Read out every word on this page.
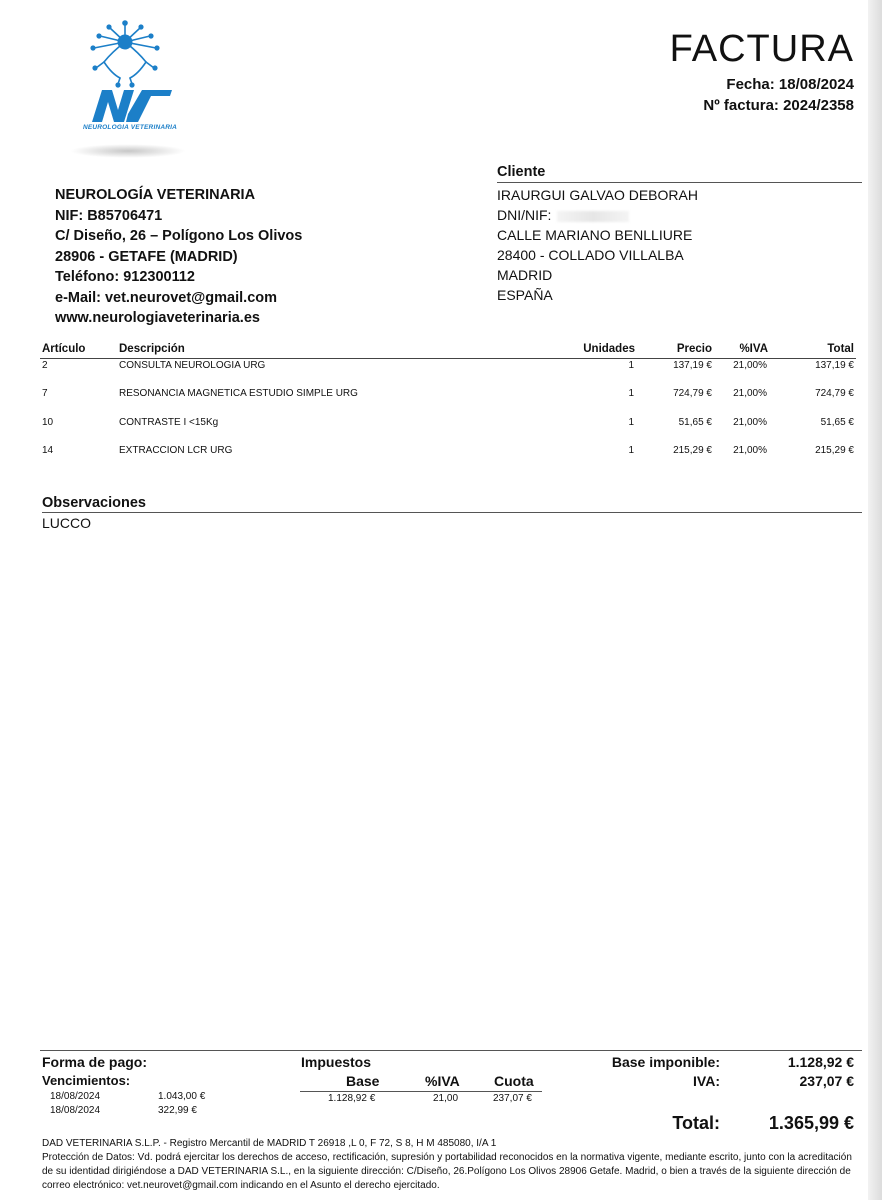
NEUROLOGIA VETERINARIA
FACTURA
Fecha: 18/08/2024
Nº factura: 2024/2358
NEUROLOGÍA VETERINARIA
NIF: B85706471
C/ Diseño, 26 – Polígono Los Olivos
28906 - GETAFE (MADRID)
Teléfono: 912300112
e-Mail: vet.neurovet@gmail.com
www.neurologiaveterinaria.es
Cliente
IRAURGUI GALVAO DEBORAH
DNI/NIF:
CALLE MARIANO BENLLIURE
28400 - COLLADO VILLALBA
MADRID
ESPAÑA
Artículo	Descripción	Unidades	Precio %IVA	Total
2	CONSULTA NEUROLOGIA URG	1	137,19 € 21,00%	137,19 €
7	RESONANCIA MAGNETICA ESTUDIO SIMPLE URG	1	724,79 € 21,00%	724,79 €
10	CONTRASTE I <15Kg	1	51,65 € 21,00%	51,65 €
14	EXTRACCION LCR URG	1	215,29 € 21,00%	215,29 €
Observaciones
LUCCO
Forma de pago:
Vencimientos:
18/08/2024	1.043,00 €
18/08/2024	322,99 €
Impuestos
Base	%IVA Cuota
1.128,92 €	21,00	237,07 €
Base imponible:	1.128,92 €
IVA:	237,07 €
Total:	1.365,99 €

DAD VETERINARIA S.L.P. - Registro Mercantil de MADRID T 26918 ,L 0, F 72, S 8, H M 485080, I/A 1

Protección de Datos: Vd. podrá ejercitar los derechos de acceso, rectificación, supresión y portabilidad reconocidos en la normativa vigente, mediante escrito, junto con la acreditación de su identidad dirigiéndose a DAD VETERINARIA S.L., en la siguiente dirección: C/Diseño, 26.Polígono Los Olivos 28906 Getafe. Madrid, o bien a través de la siguiente dirección de correo electrónico: vet.neurovet@gmail.com indicando en el Asunto el derecho ejercitado.
